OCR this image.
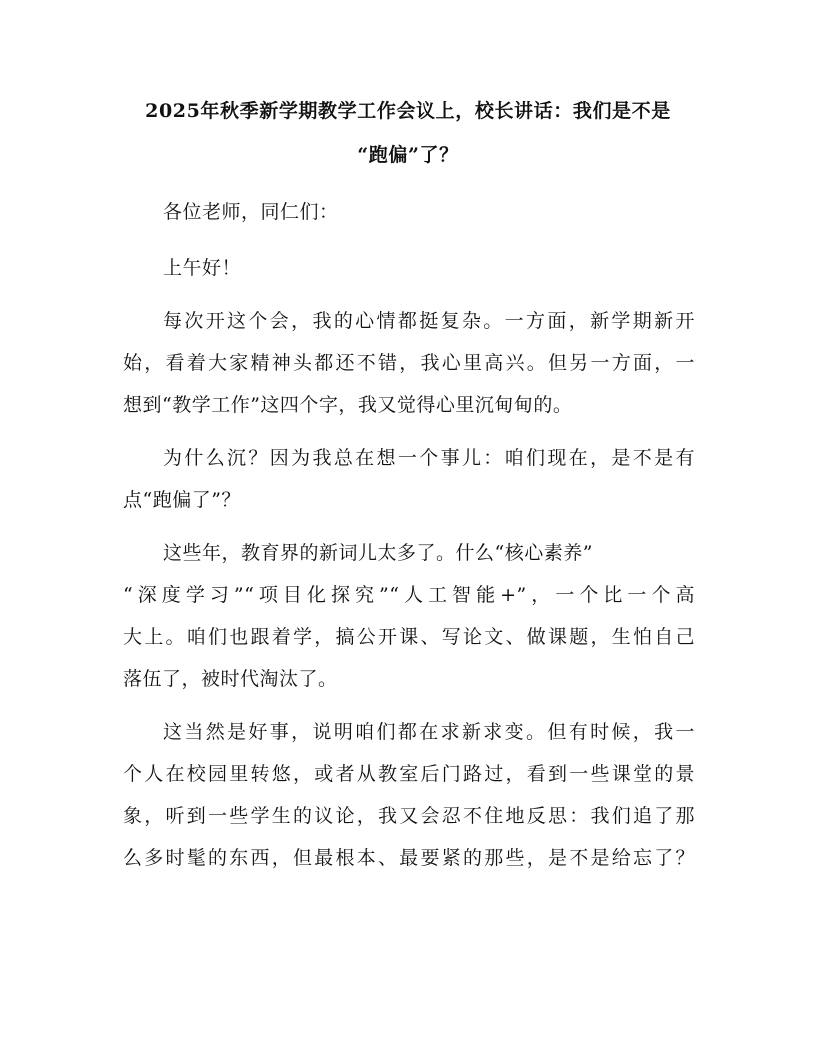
2025年秋季新学期教学工作会议上，校长讲话：我们是不是
“跑偏”了？
各位老师，同仁们：
上午好！
每次开这个会，我的心情都挺复杂。一方面，新学期新开
始，看着大家精神头都还不错，我心里高兴。但另一方面，一
想到“教学工作”这四个字，我又觉得心里沉甸甸的。
为什么沉？因为我总在想一个事儿：咱们现在，是不是有
点“跑偏了”？
这些年，教育界的新词儿太多了。什么“核心素养”
“深度学习”“项目化探究”“人工智能+”，一个比一个高
大上。咱们也跟着学，搞公开课、写论文、做课题，生怕自己
落伍了，被时代淘汰了。
这当然是好事，说明咱们都在求新求变。但有时候，我一
个人在校园里转悠，或者从教室后门路过，看到一些课堂的景
象，听到一些学生的议论，我又会忍不住地反思：我们追了那
么多时髦的东西，但最根本、最要紧的那些，是不是给忘了？
